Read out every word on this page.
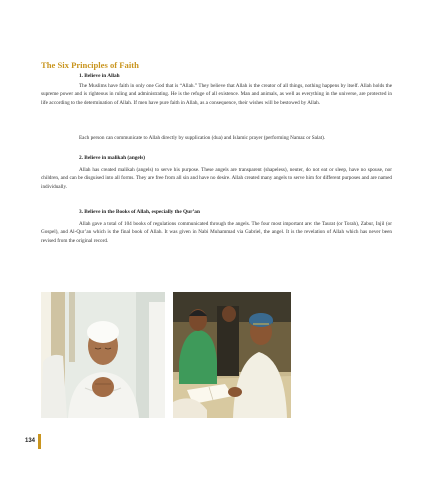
The Six Principles of Faith
1. Believe in Allah

The Muslims have faith in only one God that is “Allah.” They believe that Allah is the creator of all things, nothing happens by itself. Allah holds the supreme power and is righteous in ruling and administrating. He is the refuge of all existence. Man and animals, as well as everything in the universe, are protected in life according to the determination of Allah. If men have pure faith in Allah, as a consequence, their wishes will be bestowed by Allah.

Each person can communicate to Allah directly by supplication (dua) and Islamic prayer (performing Namaz or Salat).

2. Believe in malikah (angels)

Allah has created malikah (angels) to serve his purpose. These angels are transparent (shapeless), neuter, do not eat or sleep, have no spouse, nor children, and can be disguised into all forms. They are free from all sin and have no desire. Allah created many angels to serve him for different purposes and are named individually.

3. Believe in the Books of Allah, especially the Qur’an

Allah gave a total of 104 books of regulations communicated through the angels. The four most important are: the Taurat (or Torah), Zabur, Injil (or Gospel), and Al-Qur’an which is the final book of Allah. It was given in Nabi Muhammad via Gabriel, the angel. It is the revelation of Allah which has never been revised from the original record.

134
